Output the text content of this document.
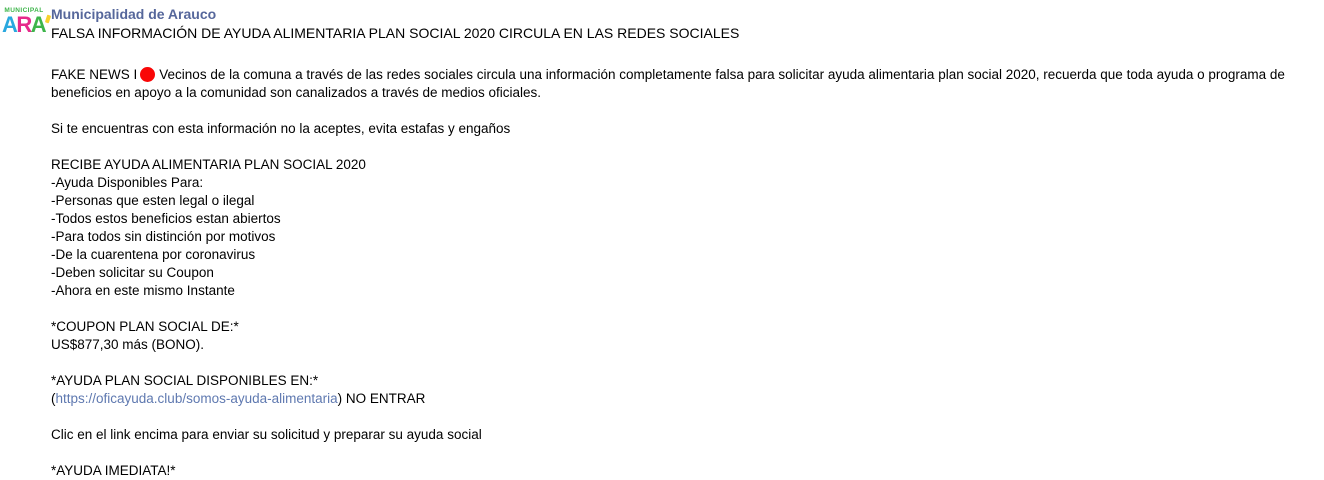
MUNICIPAL
ARA Municipalidad de Arauco
FALSA INFORMACIÓN DE AYUDA ALIMENTARIA PLAN SOCIAL 2020 CIRCULA EN LAS REDES SOCIALES
FAKE NEWS I Vecinos de la comuna a través de las redes sociales circula una información completamente falsa para solicitar ayuda alimentaria plan social 2020, recuerda que toda ayuda o programa de beneficios en apoyo a la comunidad son canalizados a través de medios oficiales.
Si te encuentras con esta información no la aceptes, evita estafas y engaños
RECIBE AYUDA ALIMENTARIA PLAN SOCIAL 2020
-Ayuda Disponibles Para:
-Personas que esten legal o ilegal
-Todos estos beneficios estan abiertos
-Para todos sin distinción por motivos
-De la cuarentena por coronavirus
-Deben solicitar su Coupon
-Ahora en este mismo Instante
*COUPON PLAN SOCIAL DE:*
US$877,30 más (BONO).
*AYUDA PLAN SOCIAL DISPONIBLES EN:*
(https://oficayuda.club/somos-ayuda-alimentaria) NO ENTRAR
Clic en el link encima para enviar su solicitud y preparar su ayuda social
*AYUDA IMEDIATA!*
